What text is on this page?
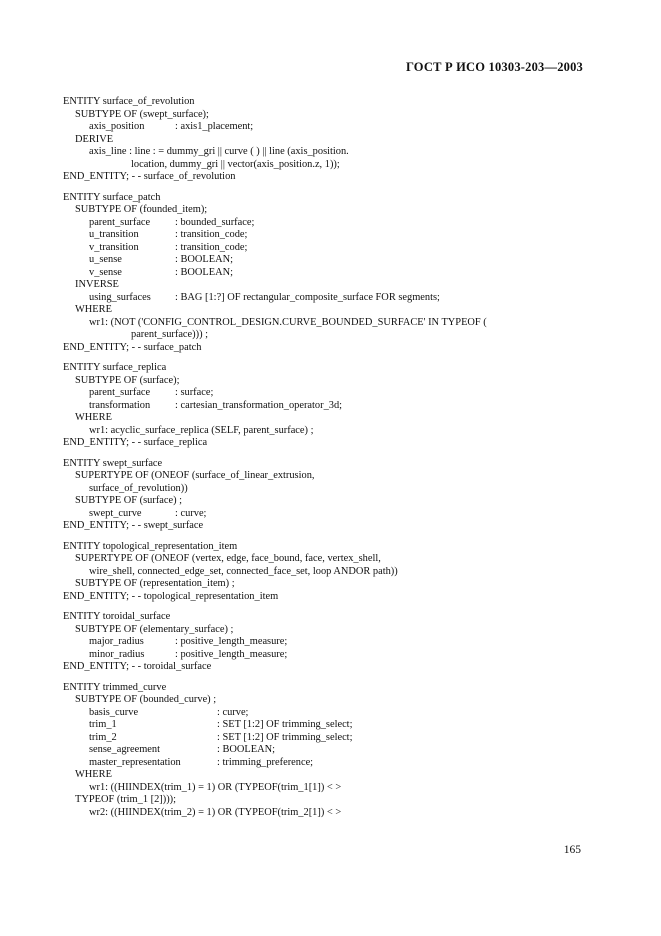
ГОСТ Р ИСО 10303-203—2003
ENTITY surface_of_revolution
SUBTYPE OF (swept_surface);
axis_position	: axis1_placement;
DERIVE
axis_line : line : = dummy_gri || curve ( ) || line (axis_position.
location, dummy_gri || vector(axis_position.z, 1));
END_ENTITY; - - surface_of_revolution
ENTITY surface_patch
SUBTYPE OF (founded_item);
parent_surface : bounded_surface;
u_transition	: transition_code;
v_transition	: transition_code;
u_sense	: BOOLEAN;
v_sense	: BOOLEAN;
INVERSE
using_surfaces : BAG [1:?] OF rectangular_composite_surface FOR segments;
WHERE
wr1: (NOT ('CONFIG_CONTROL_DESIGN.CURVE_BOUNDED_SURFACE' IN TYPEOF (
parent_surface))) ;
END_ENTITY; - - surface_patch
ENTITY surface_replica
SUBTYPE OF (surface);
parent_surface : surface;
transformation : cartesian_transformation_operator_3d;
WHERE
wr1: acyclic_surface_replica (SELF, parent_surface) ;
END_ENTITY; - - surface_replica
ENTITY swept_surface
SUPERTYPE OF (ONEOF (surface_of_linear_extrusion,
surface_of_revolution))
SUBTYPE OF (surface) ;
swept_curve	: curve;
END_ENTITY; - - swept_surface
ENTITY topological_representation_item
SUPERTYPE OF (ONEOF (vertex, edge, face_bound, face, vertex_shell,
wire_shell, connected_edge_set, connected_face_set, loop ANDOR path))
SUBTYPE OF (representation_item) ;
END_ENTITY; - - topological_representation_item
ENTITY toroidal_surface
SUBTYPE OF (elementary_surface) ;
major_radius	: positive_length_measure;
minor_radius	: positive_length_measure;
END_ENTITY; - - toroidal_surface
ENTITY trimmed_curve
SUBTYPE OF (bounded_curve) ;
basis_curve	: curve;
trim_1	: SET [1:2] OF trimming_select;
trim_2	: SET [1:2] OF trimming_select;
sense_agreement	: BOOLEAN;
master_representation	: trimming_preference;
WHERE
wr1: ((HIINDEX(trim_1) = 1) OR (TYPEOF(trim_1[1]) < >
TYPEOF (trim_1 [2])));
wr2: ((HIINDEX(trim_2) = 1) OR (TYPEOF(trim_2[1]) < >
165
